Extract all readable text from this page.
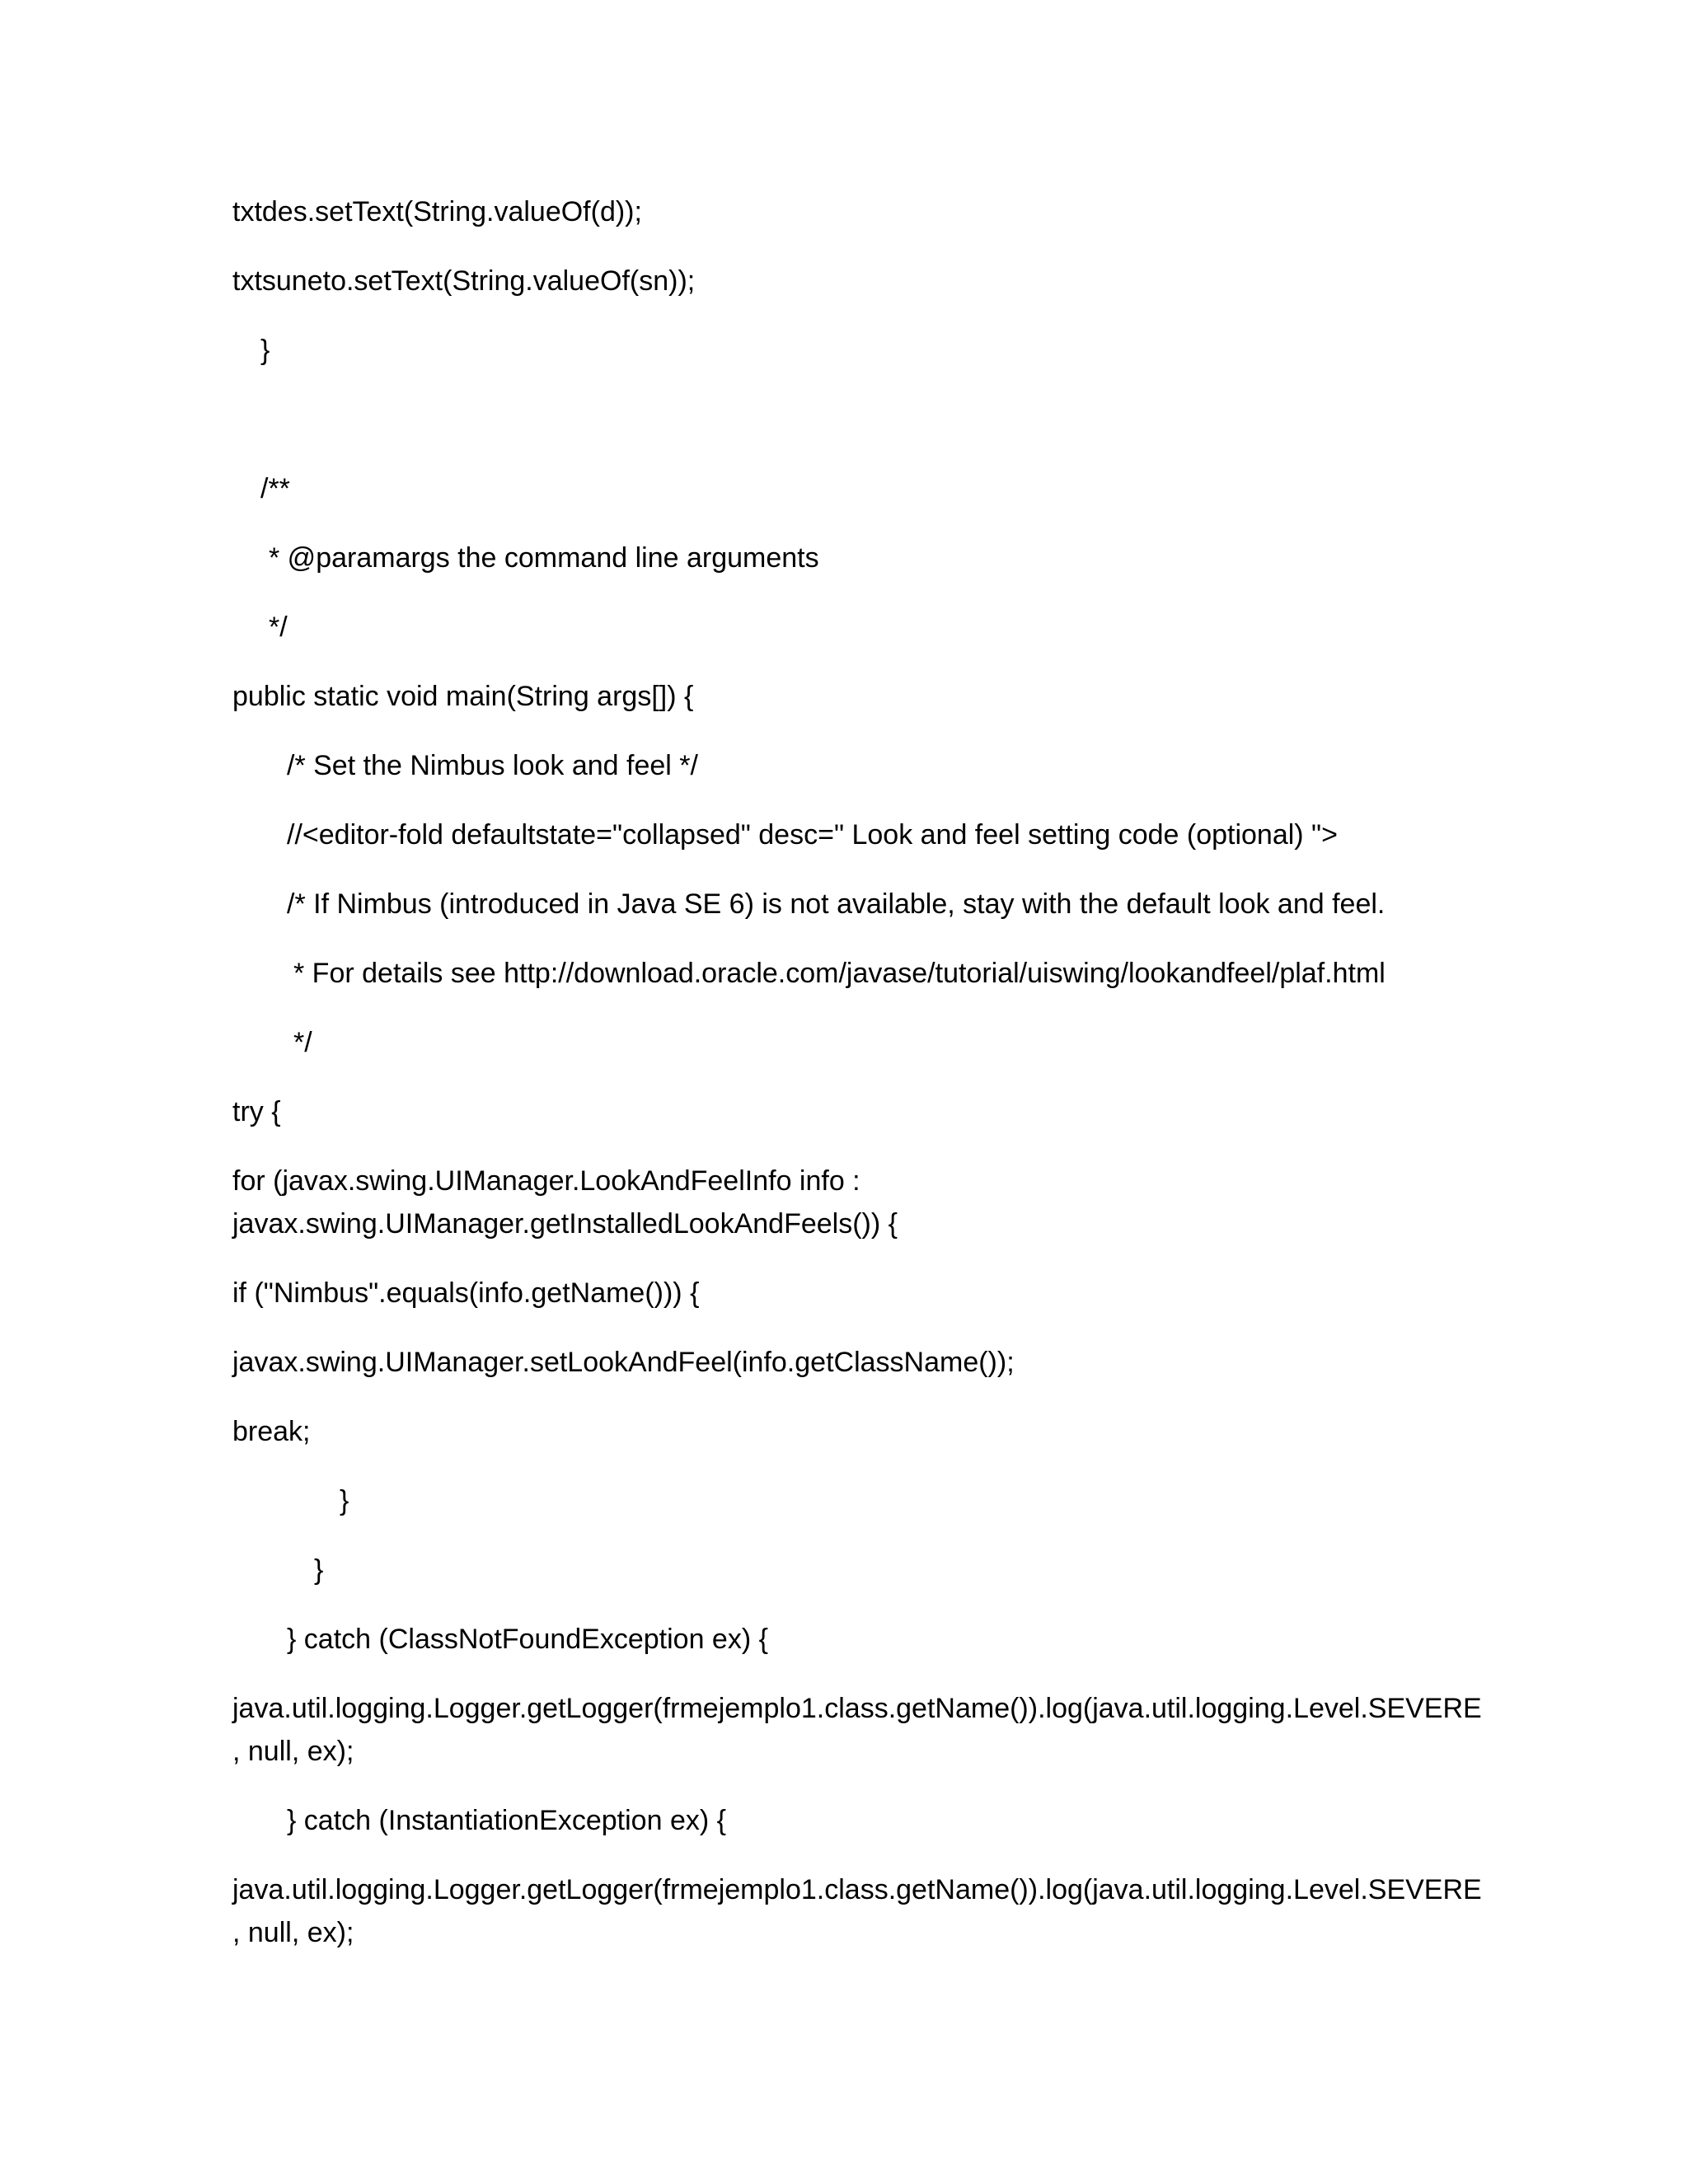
txtdes.setText(String.valueOf(d));

txtsuneto.setText(String.valueOf(sn));

}

/**

* @paramargs the command line arguments

*/

public static void main(String args[]) {

/* Set the Nimbus look and feel */

//<editor-fold defaultstate="collapsed" desc=" Look and feel setting code (optional) ">

/* If Nimbus (introduced in Java SE 6) is not available, stay with the default look and feel.

* For details see http://download.oracle.com/javase/tutorial/uiswing/lookandfeel/plaf.html

*/

try {

for (javax.swing.UIManager.LookAndFeelInfo info :

javax.swing.UIManager.getInstalledLookAndFeels()) {

if ("Nimbus".equals(info.getName())) {

javax.swing.UIManager.setLookAndFeel(info.getClassName());

break;

}

}

} catch (ClassNotFoundException ex) {

java.util.logging.Logger.getLogger(frmejemplo1.class.getName()).log(java.util.logging.Level.SEVERE

, null, ex);

} catch (InstantiationException ex) {

java.util.logging.Logger.getLogger(frmejemplo1.class.getName()).log(java.util.logging.Level.SEVERE

, null, ex);
